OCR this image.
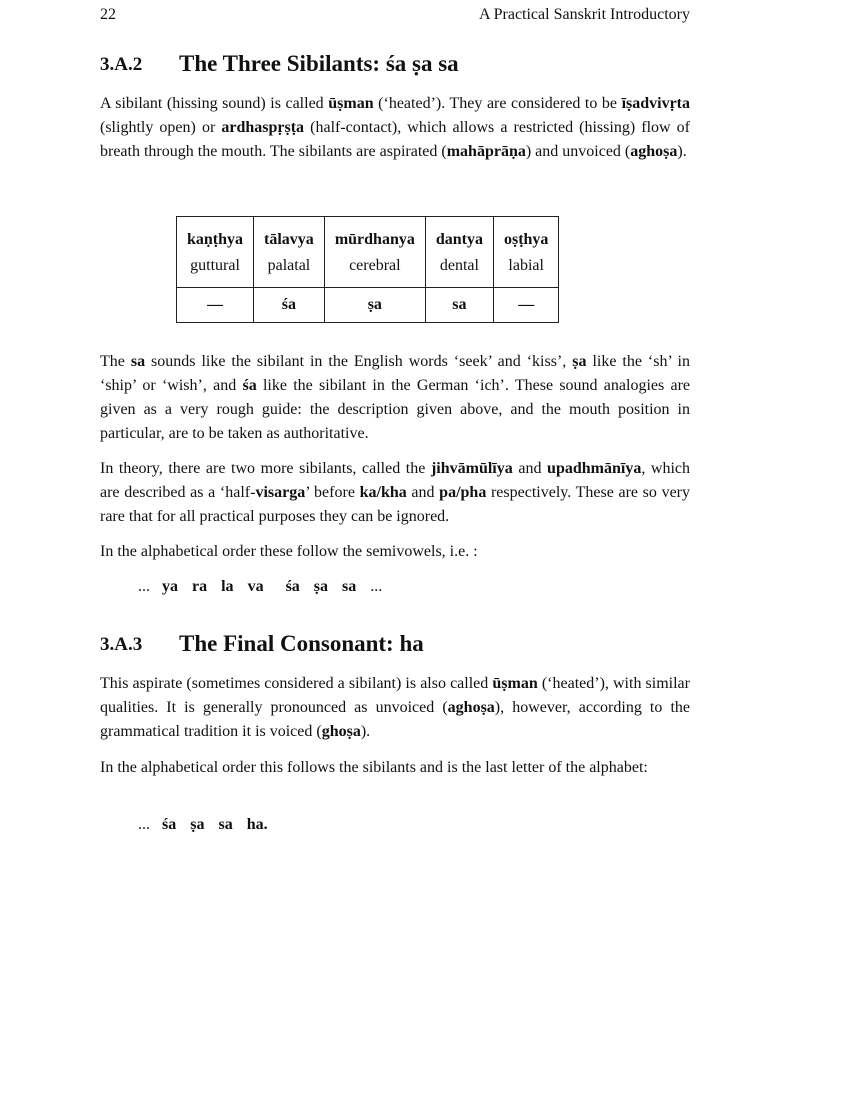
22	A Practical Sanskrit Introductory
3.A.2 The Three Sibilants: śa ṣa sa

A sibilant (hissing sound) is called ūṣman (‘heated’). They are considered to be īṣadvivṛta (slightly open) or ardhaspṛṣṭa (half-contact), which allows a restricted (hissing) flow of breath through the mouth. The sibilants are aspirated (mahāprāṇa) and unvoiced (aghoṣa).

kaṇṭhya	tālavya	mūrdhanya	dantya	oṣṭhya
guttural	palatal	cerebral	dental	labial
—	śa	ṣa	sa	—

The sa sounds like the sibilant in the English words ‘seek’ and ‘kiss’, ṣa like the ‘sh’ in ‘ship’ or ‘wish’, and śa like the sibilant in the German ‘ich’. These sound analogies are given as a very rough guide: the description given above, and the mouth position in particular, are to be taken as authoritative.

In theory, there are two more sibilants, called the jihvāmūlīya and upadhmānīya, which are described as a ‘half-visarga’ before ka/kha and pa/pha respectively. These are so very rare that for all practical purposes they can be ignored.

In the alphabetical order these follow the semivowels, i.e. :

... ya ra la va śa ṣa sa ...
3.A.3 The Final Consonant: ha

This aspirate (sometimes considered a sibilant) is also called ūṣman (‘heated’), with similar qualities. It is generally pronounced as unvoiced (aghoṣa), however, according to the grammatical tradition it is voiced (ghoṣa).

In the alphabetical order this follows the sibilants and is the last letter of the alphabet:

... śa ṣa sa ha.
